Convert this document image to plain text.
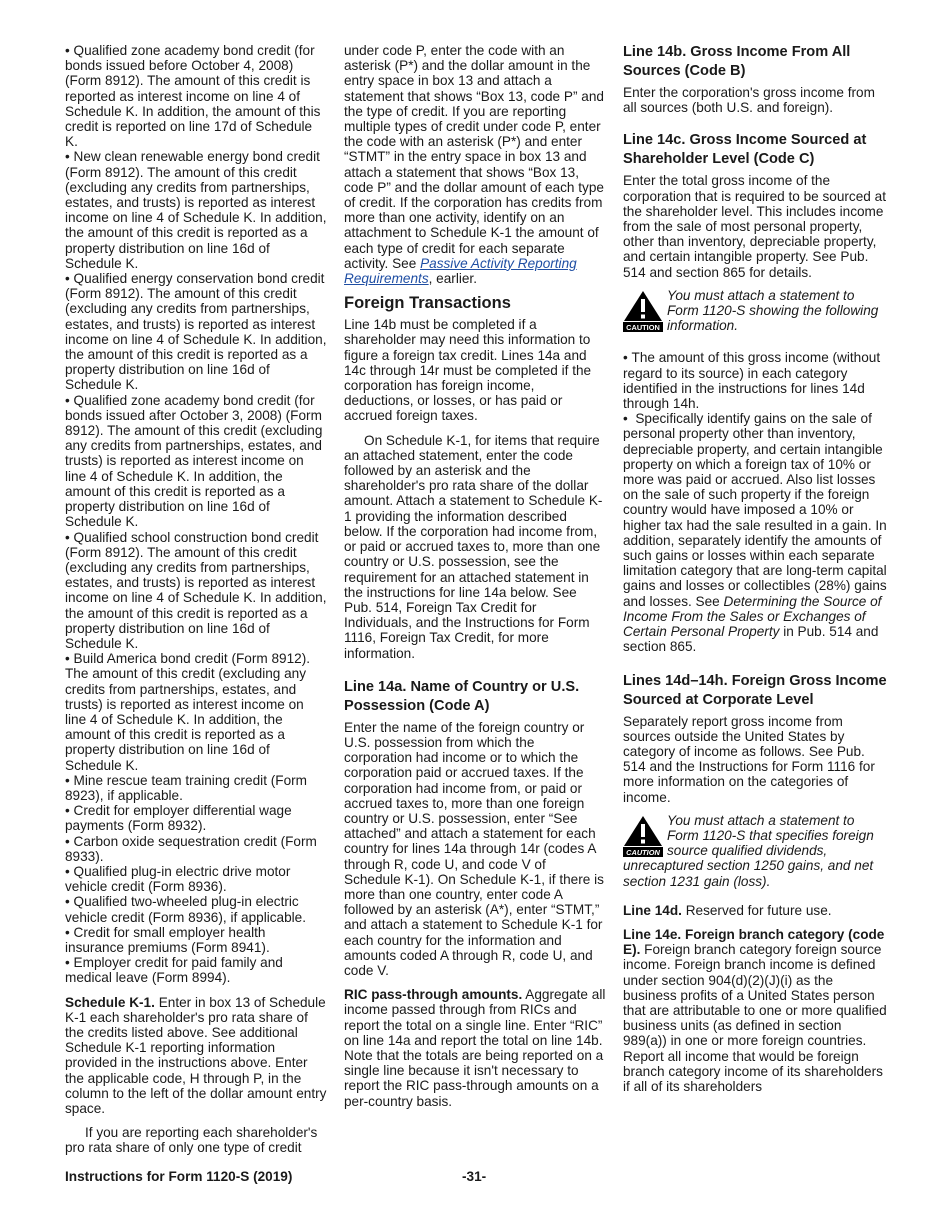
• Qualified zone academy bond credit (for bonds issued before October 4, 2008) (Form 8912). The amount of this credit is reported as interest income on line 4 of Schedule K. In addition, the amount of this credit is reported on line 17d of Schedule K.

• New clean renewable energy bond credit (Form 8912). The amount of this credit (excluding any credits from partnerships, estates, and trusts) is reported as interest income on line 4 of Schedule K. In addition, the amount of this credit is reported as a property distribution on line 16d of Schedule K.

• Qualified energy conservation bond credit (Form 8912). The amount of this credit (excluding any credits from partnerships, estates, and trusts) is reported as interest income on line 4 of Schedule K. In addition, the amount of this credit is reported as a property distribution on line 16d of Schedule K.

• Qualified zone academy bond credit (for bonds issued after October 3, 2008) (Form 8912). The amount of this credit (excluding any credits from partnerships, estates, and trusts) is reported as interest income on line 4 of Schedule K. In addition, the amount of this credit is reported as a property distribution on line 16d of Schedule K.

• Qualified school construction bond credit (Form 8912). The amount of this credit (excluding any credits from partnerships, estates, and trusts) is reported as interest income on line 4 of Schedule K. In addition, the amount of this credit is reported as a property distribution on line 16d of Schedule K.

• Build America bond credit (Form 8912). The amount of this credit (excluding any credits from partnerships, estates, and trusts) is reported as interest income on line 4 of Schedule K. In addition, the amount of this credit is reported as a property distribution on line 16d of Schedule K.

• Mine rescue team training credit (Form 8923), if applicable.

• Credit for employer differential wage payments (Form 8932).

• Carbon oxide sequestration credit (Form 8933).

• Qualified plug-in electric drive motor vehicle credit (Form 8936).

• Qualified two-wheeled plug-in electric vehicle credit (Form 8936), if applicable.

• Credit for small employer health insurance premiums (Form 8941).

• Employer credit for paid family and medical leave (Form 8994).

Schedule K-1. Enter in box 13 of Schedule K-1 each shareholder's pro rata share of the credits listed above. See additional Schedule K-1 reporting information provided in the instructions above. Enter the applicable code, H through P, in the column to the left of the dollar amount entry space.

If you are reporting each shareholder's pro rata share of only one type of credit

under code P, enter the code with an asterisk (P*) and the dollar amount in the entry space in box 13 and attach a statement that shows “Box 13, code P” and the type of credit. If you are reporting multiple types of credit under code P, enter the code with an asterisk (P*) and enter “STMT” in the entry space in box 13 and attach a statement that shows “Box 13, code P” and the dollar amount of each type of credit. If the corporation has credits from more than one activity, identify on an attachment to Schedule K-1 the amount of each type of credit for each separate activity. See Passive Activity Reporting Requirements, earlier.

Foreign Transactions

Line 14b must be completed if a shareholder may need this information to figure a foreign tax credit. Lines 14a and 14c through 14r must be completed if the corporation has foreign income, deductions, or losses, or has paid or accrued foreign taxes.

On Schedule K-1, for items that require an attached statement, enter the code followed by an asterisk and the shareholder's pro rata share of the dollar amount. Attach a statement to Schedule K-1 providing the information described below. If the corporation had income from, or paid or accrued taxes to, more than one country or U.S. possession, see the requirement for an attached statement in the instructions for line 14a below. See Pub. 514, Foreign Tax Credit for Individuals, and the Instructions for Form 1116, Foreign Tax Credit, for more information.

Line 14a. Name of Country or U.S. Possession (Code A)

Enter the name of the foreign country or U.S. possession from which the corporation had income or to which the corporation paid or accrued taxes. If the corporation had income from, or paid or accrued taxes to, more than one foreign country or U.S. possession, enter “See attached” and attach a statement for each country for lines 14a through 14r (codes A through R, code U, and code V of Schedule K-1). On Schedule K-1, if there is more than one country, enter code A followed by an asterisk (A*), enter “STMT,” and attach a statement to Schedule K-1 for each country for the information and amounts coded A through R, code U, and code V.

RIC pass-through amounts. Aggregate all income passed through from RICs and report the total on a single line. Enter “RIC” on line 14a and report the total on line 14b. Note that the totals are being reported on a single line because it isn't necessary to report the RIC pass-through amounts on a per-country basis.

Line 14b. Gross Income From All Sources (Code B)

Enter the corporation's gross income from all sources (both U.S. and foreign).

Line 14c. Gross Income Sourced at Shareholder Level (Code C)

Enter the total gross income of the corporation that is required to be sourced at the shareholder level. This includes income from the sale of most personal property, other than inventory, depreciable property, and certain intangible property. See Pub. 514 and section 865 for details.

CAUTION

You must attach a statement to Form 1120-S showing the following information.

• The amount of this gross income (without regard to its source) in each category identified in the instructions for lines 14d through 14h.

• Specifically identify gains on the sale of personal property other than inventory, depreciable property, and certain intangible property on which a foreign tax of 10% or more was paid or accrued. Also list losses on the sale of such property if the foreign country would have imposed a 10% or higher tax had the sale resulted in a gain. In addition, separately identify the amounts of such gains or losses within each separate limitation category that are long-term capital gains and losses or collectibles (28%) gains and losses. See Determining the Source of Income From the Sales or Exchanges of Certain Personal Property in Pub. 514 and section 865.

Lines 14d–14h. Foreign Gross Income Sourced at Corporate Level

Separately report gross income from sources outside the United States by category of income as follows. See Pub. 514 and the Instructions for Form 1116 for more information on the categories of income.

CAUTION

You must attach a statement to Form 1120-S that specifies foreign source qualified dividends, unrecaptured section 1250 gains, and net section 1231 gain (loss).

Line 14d. Reserved for future use.

Line 14e. Foreign branch category (code E). Foreign branch category foreign source income. Foreign branch income is defined under section 904(d)(2)(J)(i) as the business profits of a United States person that are attributable to one or more qualified business units (as defined in section 989(a)) in one or more foreign countries. Report all income that would be foreign branch category income of its shareholders if all of its shareholders

Instructions for Form 1120-S (2019)	-31-
